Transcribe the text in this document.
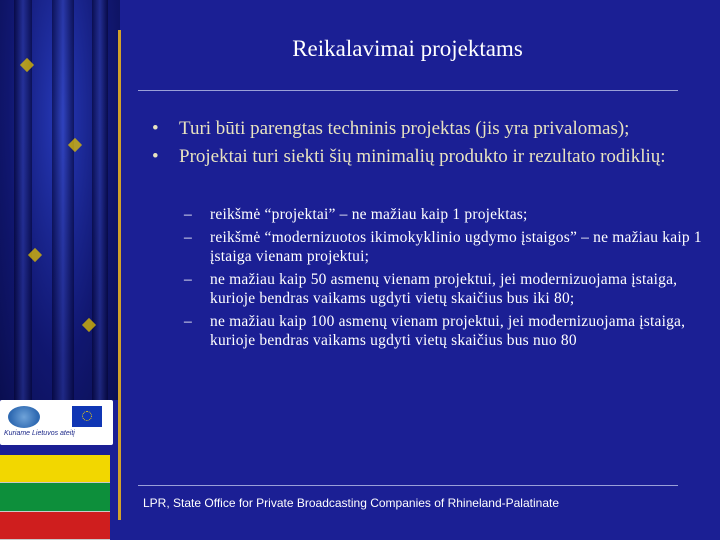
Kuriame Lietuvos ateitį
Reikalavimai projektams
• Turi būti parengtas techninis projektas (jis yra privalomas);
• Projektai turi siekti šių minimalių produkto ir rezultato rodiklių:
– reikšmė “projektai” – ne mažiau kaip 1 projektas;
– reikšmė “modernizuotos ikimokyklinio ugdymo įstaigos” – ne mažiau kaip 1 įstaiga vienam projektui;
– ne mažiau kaip 50 asmenų vienam projektui, jei modernizuojama įstaiga, kurioje bendras vaikams ugdyti vietų skaičius bus iki 80;
– ne mažiau kaip 100 asmenų vienam projektui, jei modernizuojama įstaiga, kurioje bendras vaikams ugdyti vietų skaičius bus nuo 80
LPR, State Office for Private Broadcasting Companies of Rhineland-Palatinate
